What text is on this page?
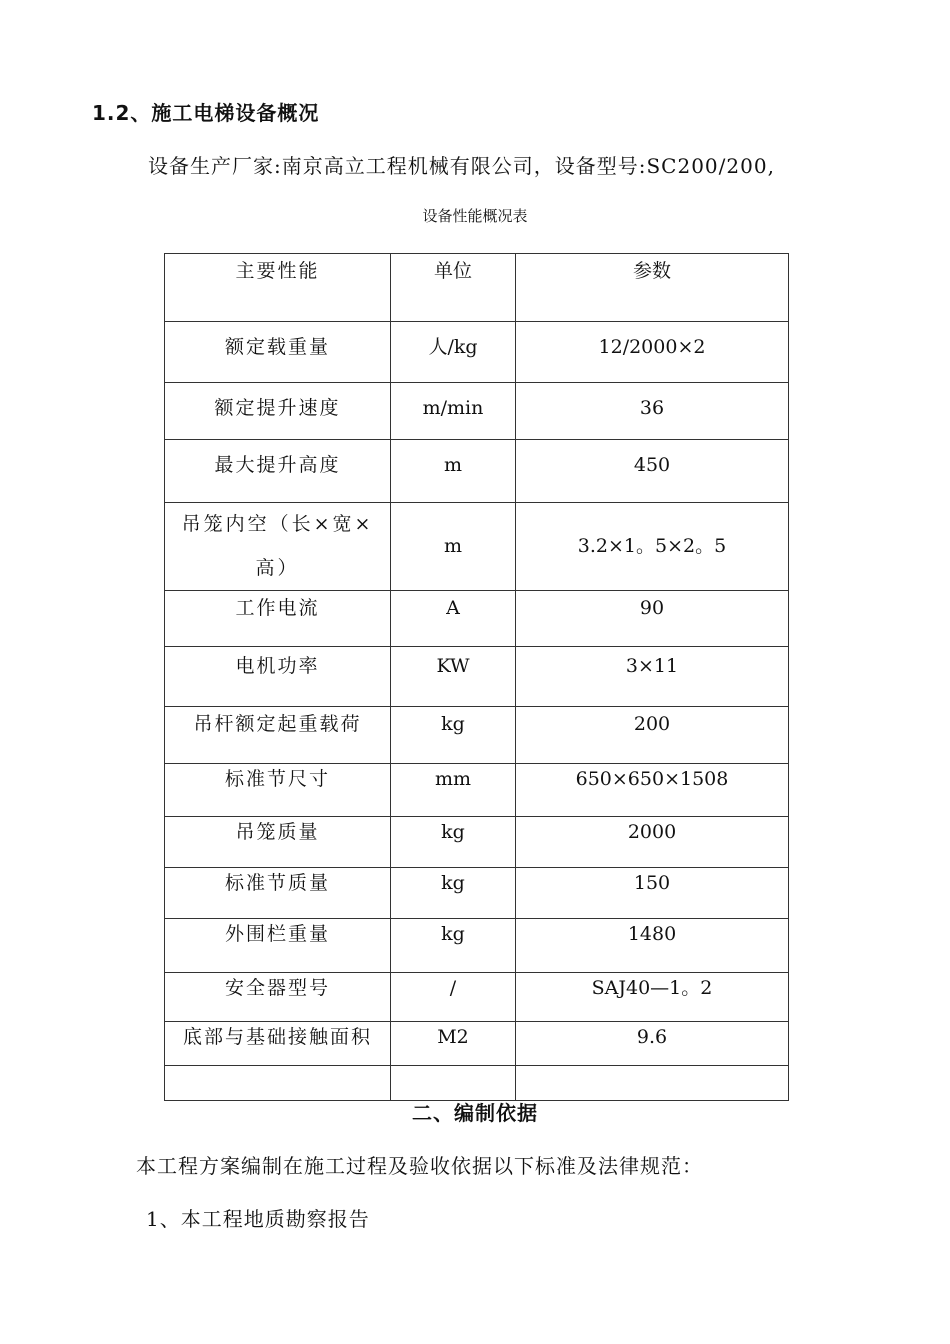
1.2、施工电梯设备概况
设备生产厂家:南京高立工程机械有限公司，设备型号:SC200/200,
设备性能概况表
主要性能	单位	参数

额定载重量	人/kg	12/2000×2

额定提升速度	m/min	36

最大提升高度	m	450

吊笼内空（长×宽×高）	m	3.2×1。5×2。5

工作电流	A	90

电机功率	KW	3×11

吊杆额定起重载荷	kg	200

标准节尺寸	mm	650×650×1508

吊笼质量	kg	2000

标准节质量	kg	150

外围栏重量	kg	1480

安全器型号	/	SAJ40—1。2

底部与基础接触面积	M2	9.6

二、编制依据
本工程方案编制在施工过程及验收依据以下标准及法律规范：
1、本工程地质勘察报告
